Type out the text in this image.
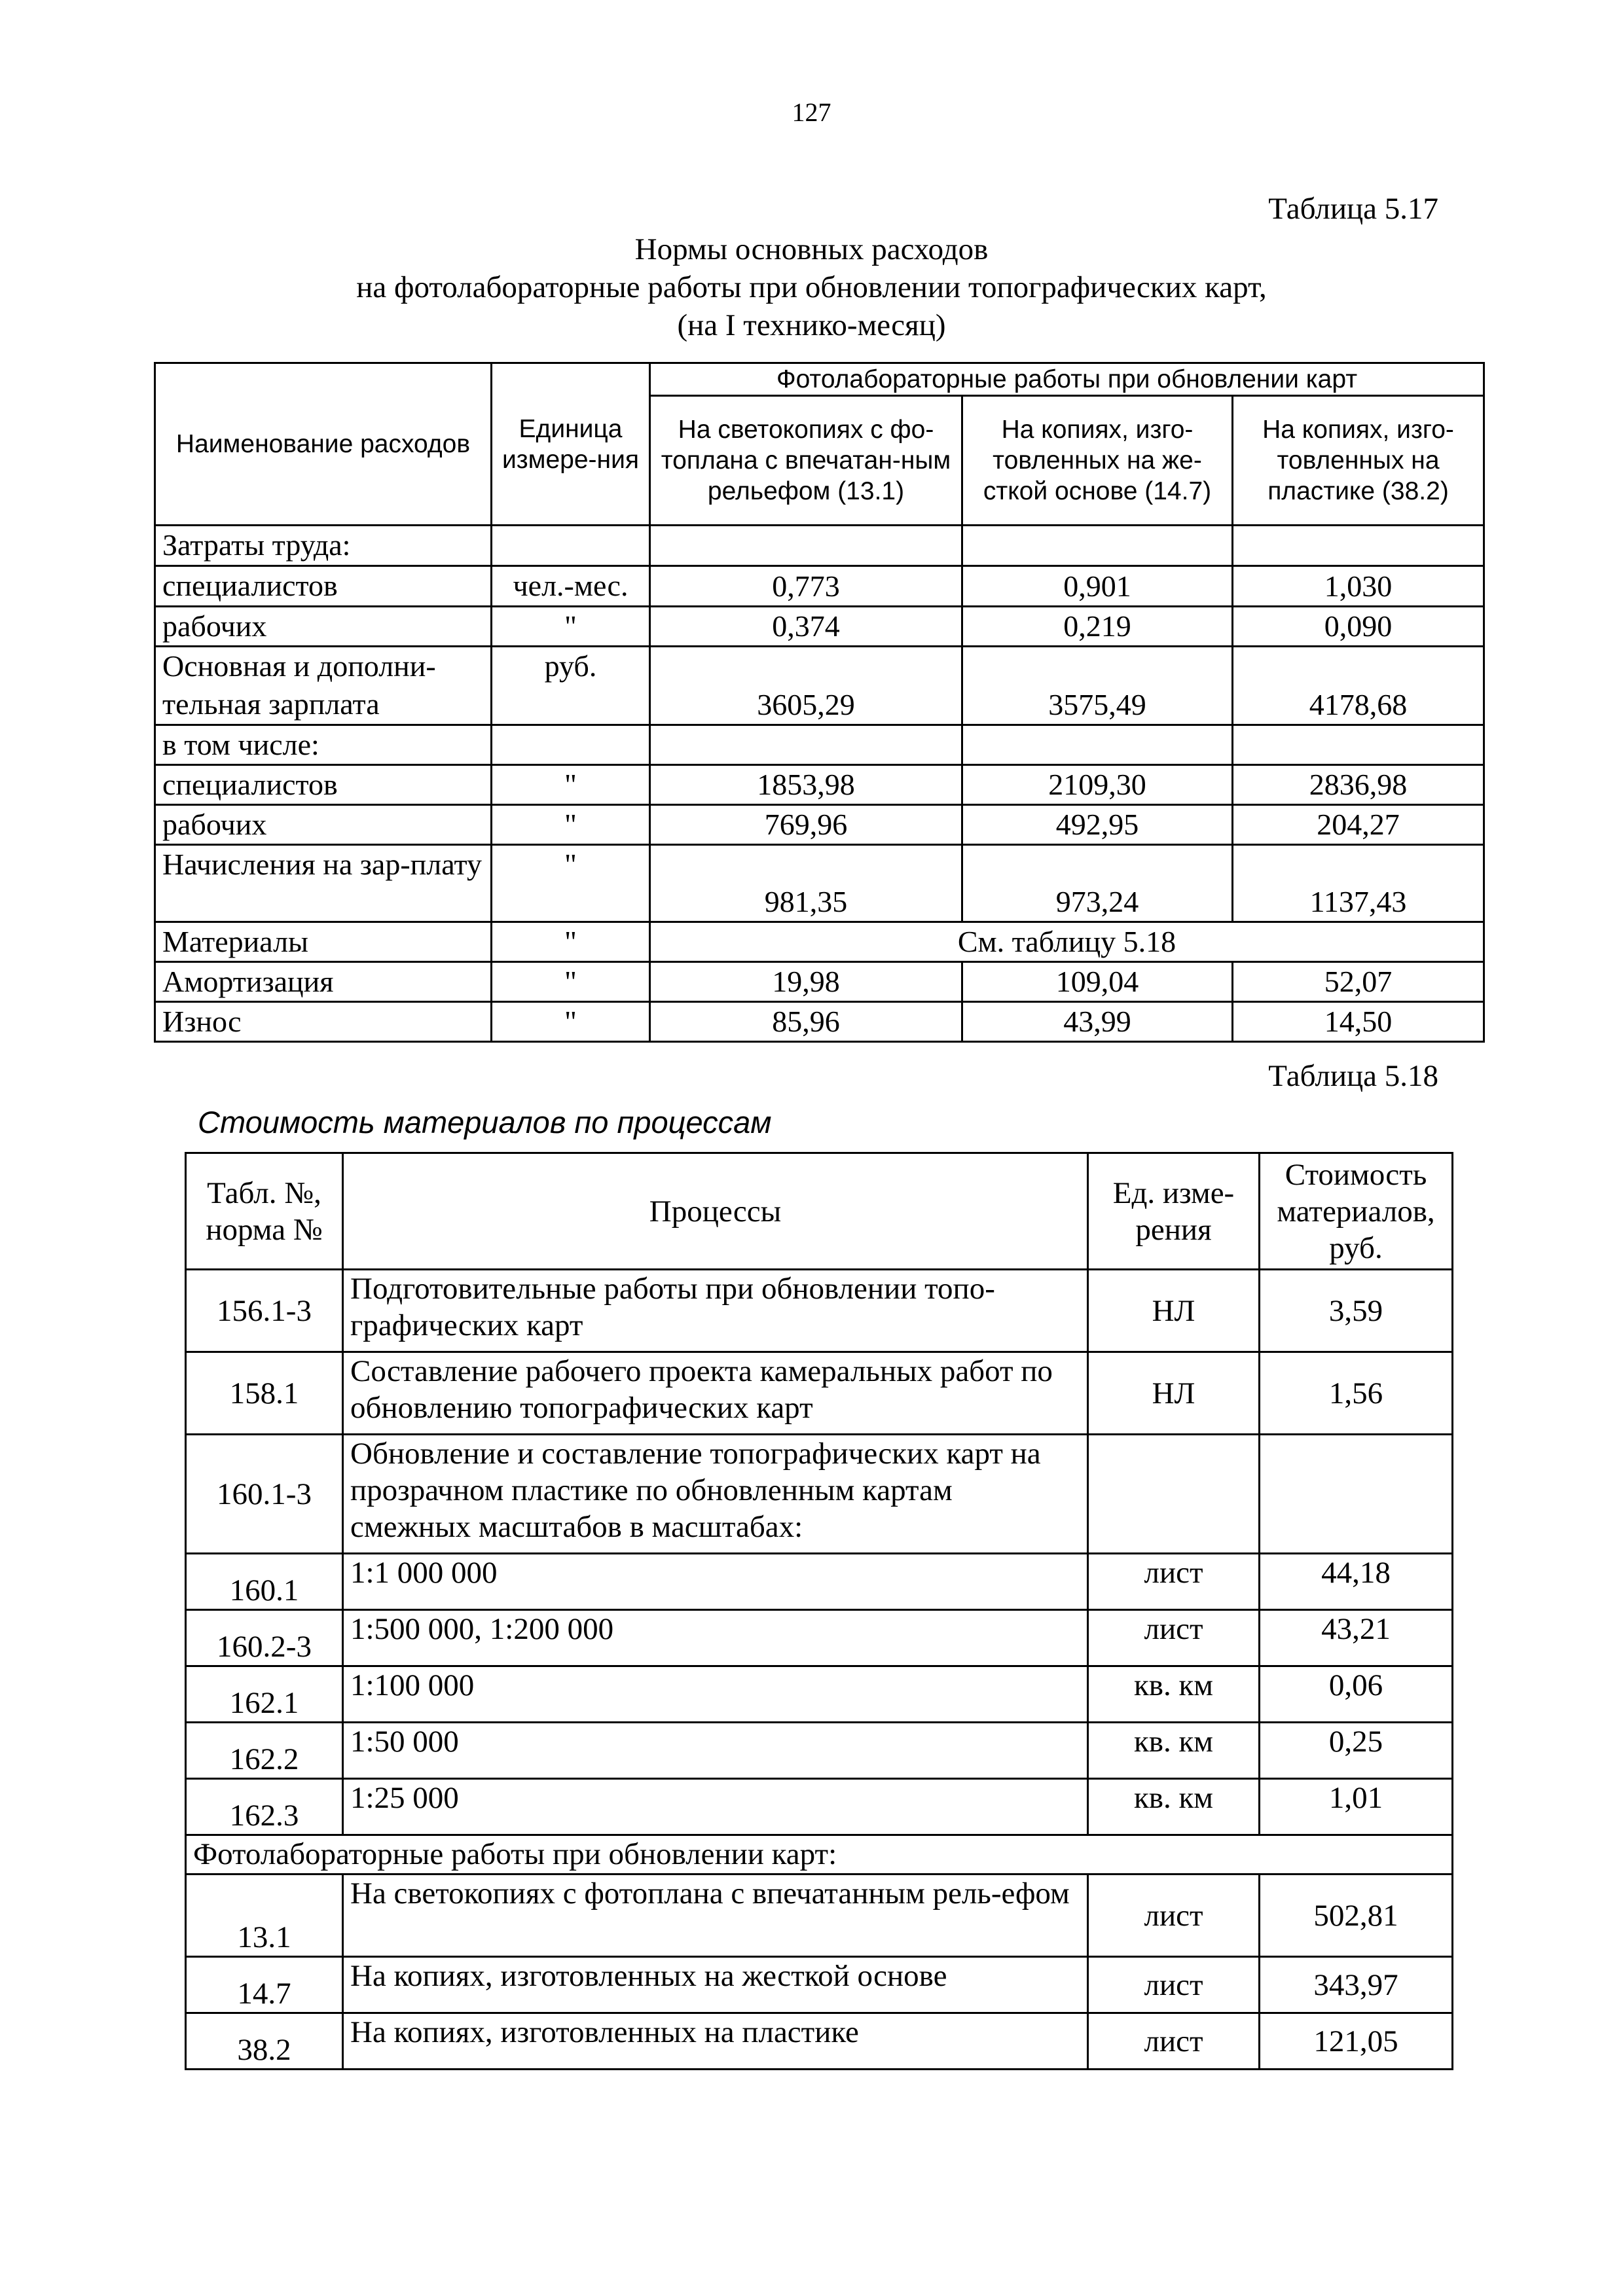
127
Таблица 5.17
Нормы основных расходов
на фотолабораторные работы при обновлении топографических карт,
(на I технико-месяц)
Наименование расходов	Единица измере-ния	Фотолабораторные работы при обновлении карт		
		На светокопиях с фо-топлана с впечатан-ным рельефом (13.1)	На копиях, изго-товленных на же-сткой основе (14.7)	На копиях, изго-товленных на пластике (38.2)
Затраты труда:				
специалистов	чел.-мес.	0,773	0,901	1,030
рабочих	"	0,374	0,219	0,090
Основная и дополни-тельная зарплата	руб.	3605,29	3575,49	4178,68
в том числе:				
специалистов	"	1853,98	2109,30	2836,98
рабочих	"	769,96	492,95	204,27
Начисления на зар-плату	"	981,35	973,24	1137,43
Материалы	"	См. таблицу 5.18		
Амортизация	"	19,98	109,04	52,07
Износ	"	85,96	43,99	14,50
Таблица 5.18
Стоимость материалов по процессам
Табл. №, норма №	Процессы	Ед. изме-рения	Стоимость материалов, руб.
156.1-3	Подготовительные работы при обновлении топо-графических карт	НЛ	3,59
158.1	Составление рабочего проекта камеральных работ по обновлению топографических карт	НЛ	1,56
160.1-3	Обновление и составление топографических карт на прозрачном пластике по обновленным картам смежных масштабов в масштабах:		
160.1	1:1 000 000	лист	44,18
160.2-3	1:500 000, 1:200 000	лист	43,21
162.1	1:100 000	кв. км	0,06
162.2	1:50 000	кв. км	0,25
162.3	1:25 000	кв. км	1,01
Фотолабораторные работы при обновлении карт:			
13.1	На светокопиях с фотоплана с впечатанным рель-ефом	лист	502,81
14.7	На копиях, изготовленных на жесткой основе	лист	343,97
38.2	На копиях, изготовленных на пластике	лист	121,05
